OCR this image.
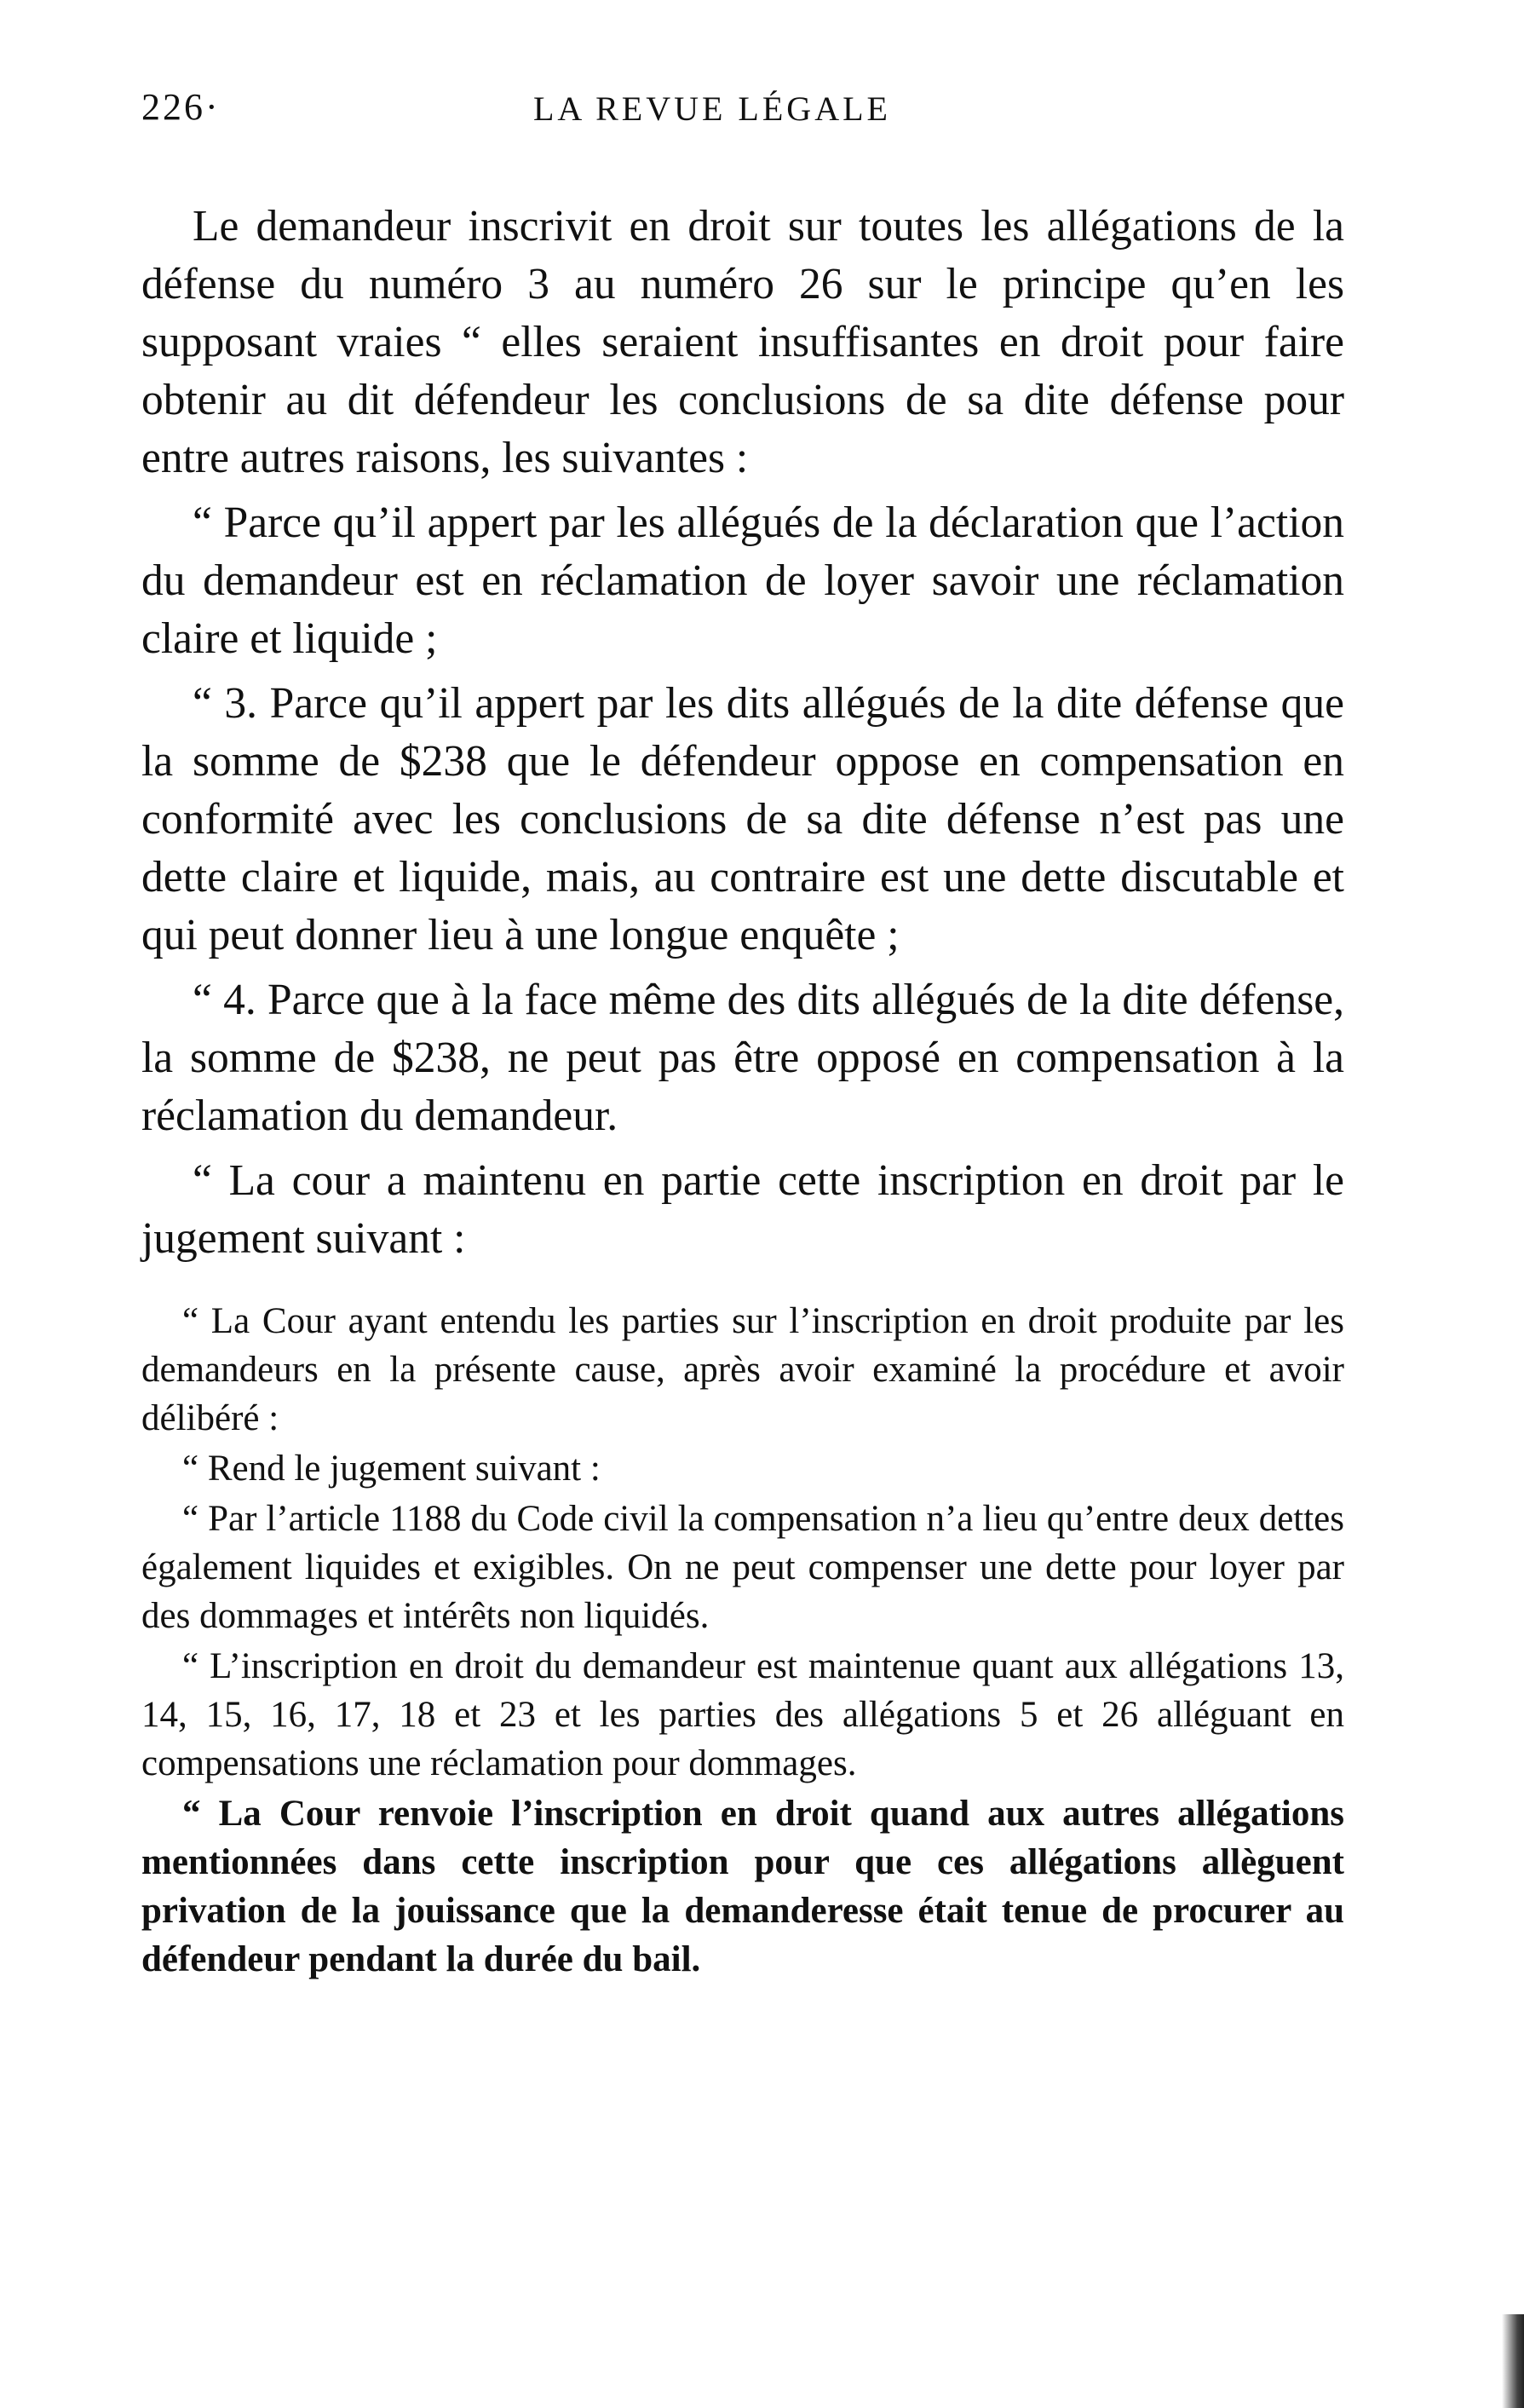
226·	LA REVUE LÉGALE

Le demandeur inscrivit en droit sur toutes les allégations de la défense du numéro 3 au numéro 26 sur le principe qu’en les supposant vraies “ elles seraient insuffisantes en droit pour faire obtenir au dit défendeur les conclusions de sa dite défense pour entre autres raisons, les suivantes :

“ Parce qu’il appert par les allégués de la déclaration que l’action du demandeur est en réclamation de loyer savoir une réclamation claire et liquide ;

“ 3. Parce qu’il appert par les dits allégués de la dite défense que la somme de $238 que le défendeur oppose en compensation en conformité avec les conclusions de sa dite défense n’est pas une dette claire et liquide, mais, au contraire est une dette discutable et qui peut donner lieu à une longue enquête ;

“ 4. Parce que à la face même des dits allégués de la dite défense, la somme de $238, ne peut pas être opposé en compensation à la réclamation du demandeur.

“ La cour a maintenu en partie cette inscription en droit par le jugement suivant :

“ La Cour ayant entendu les parties sur l’inscription en droit produite par les demandeurs en la présente cause, après avoir examiné la procédure et avoir délibéré :

“ Rend le jugement suivant :

“ Par l’article 1188 du Code civil la compensation n’a lieu qu’entre deux dettes également liquides et exigibles. On ne peut compenser une dette pour loyer par des dommages et intérêts non liquidés.

“ L’inscription en droit du demandeur est maintenue quant aux allégations 13, 14, 15, 16, 17, 18 et 23 et les parties des allégations 5 et 26 alléguant en compensations une réclamation pour dommages.

“ La Cour renvoie l’inscription en droit quand aux autres allégations mentionnées dans cette inscription pour que ces allégations allèguent privation de la jouissance que la demanderesse était tenue de procurer au défendeur pendant la durée du bail.
